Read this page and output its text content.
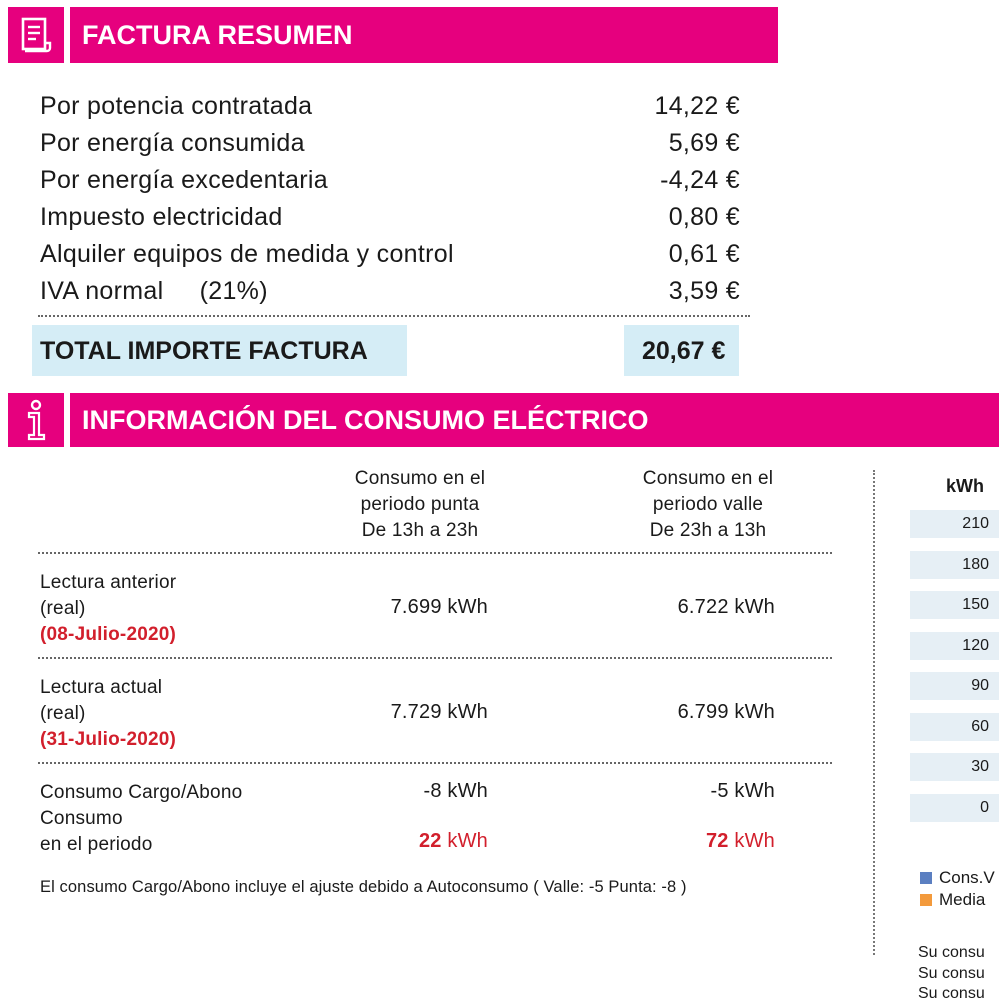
FACTURA RESUMEN
Por potencia contratada	14,22 €
Por energía consumida	5,69 €
Por energía excedentaria	-4,24 €
Impuesto electricidad	0,80 €
Alquiler equipos de medida y control	0,61 €
IVA normal     (21%)	3,59 €
TOTAL IMPORTE FACTURA	20,67 €
INFORMACIÓN DEL CONSUMO ELÉCTRICO
Consumo en el
periodo punta
De 13h a 23h
Consumo en el
periodo valle
De 23h a 13h
Lectura anterior
(real)
(08-Julio-2020)
7.699 kWh	6.722 kWh
Lectura actual
(real)
(31-Julio-2020)
7.729 kWh	6.799 kWh
Consumo Cargo/Abono	-8 kWh	-5 kWh
Consumo
en el periodo	22 kWh	72 kWh
El consumo Cargo/Abono incluye el ajuste debido a Autoconsumo ( Valle: -5 Punta: -8 )
kWh
210
180
150
120
90
60
30
0
Cons.V
Media
Su consu
Su consu
Su consu
